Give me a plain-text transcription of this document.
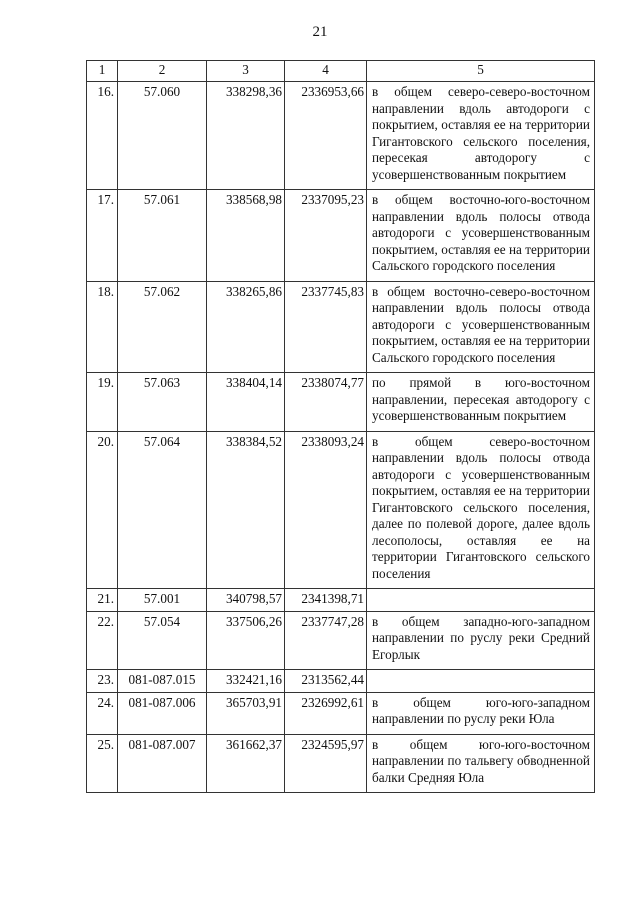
21
1	2	3	4	5
16.	57.060	338298,36	2336953,66	в общем северо-северо-восточном направлении вдоль автодороги с покрытием, оставляя ее на территории Гигантовского сельского поселения, пересекая автодорогу с усовершенствованным покрытием
17.	57.061	338568,98	2337095,23	в общем восточно-юго-восточном направлении вдоль полосы отвода автодороги с усовершенствованным покрытием, оставляя ее на территории Сальского городского поселения
18.	57.062	338265,86	2337745,83	в общем восточно-северо-восточном направлении вдоль полосы отвода автодороги с усовершенствованным покрытием, оставляя ее на территории Сальского городского поселения
19.	57.063	338404,14	2338074,77	по прямой в юго-восточном направлении, пересекая автодорогу с усовершенствованным покрытием
20.	57.064	338384,52	2338093,24	в общем северо-восточном направлении вдоль полосы отвода автодороги с усовершенствованным покрытием, оставляя ее на территории Гигантовского сельского поселения, далее по полевой дороге, далее вдоль лесополосы, оставляя ее на территории Гигантовского сельского поселения
21.	57.001	340798,57	2341398,71	
22.	57.054	337506,26	2337747,28	в общем западно-юго-западном направлении по руслу реки Средний Егорлык
23.	081-087.015	332421,16	2313562,44	
24.	081-087.006	365703,91	2326992,61	в общем юго-юго-западном направлении по руслу реки Юла
25.	081-087.007	361662,37	2324595,97	в общем юго-юго-восточном направлении по тальвегу обводненной балки Средняя Юла
